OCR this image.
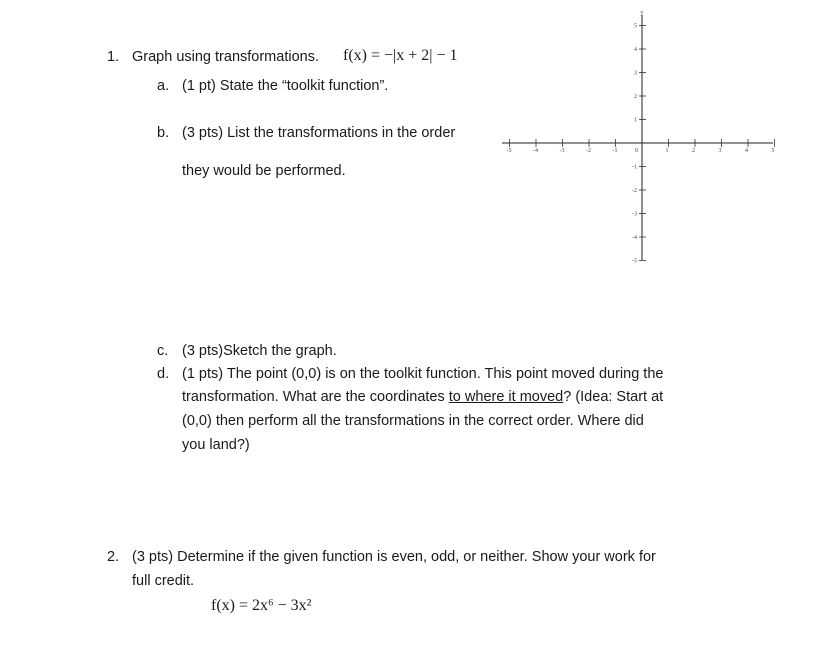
1. Graph using transformations. f(x) = −|x + 2| − 1
a. (1 pt) State the “toolkit function”.
b. (3 pts) List the transformations in the order
they would be performed.
c. (3 pts)Sketch the graph.
d. (1 pts) The point (0,0) is on the toolkit function. This point moved during the
transformation. What are the coordinates to where it moved? (Idea: Start at
(0,0) then perform all the transformations in the correct order. Where did
you land?)
2. (3 pts) Determine if the given function is even, odd, or neither. Show your work for
full credit.
f(x) = 2x⁶ − 3x²
y
0
-5	-4	-3	-2	-1	1	2	3	4	5
5
4
3
2
1
-1
-2
-3
-4
-5
